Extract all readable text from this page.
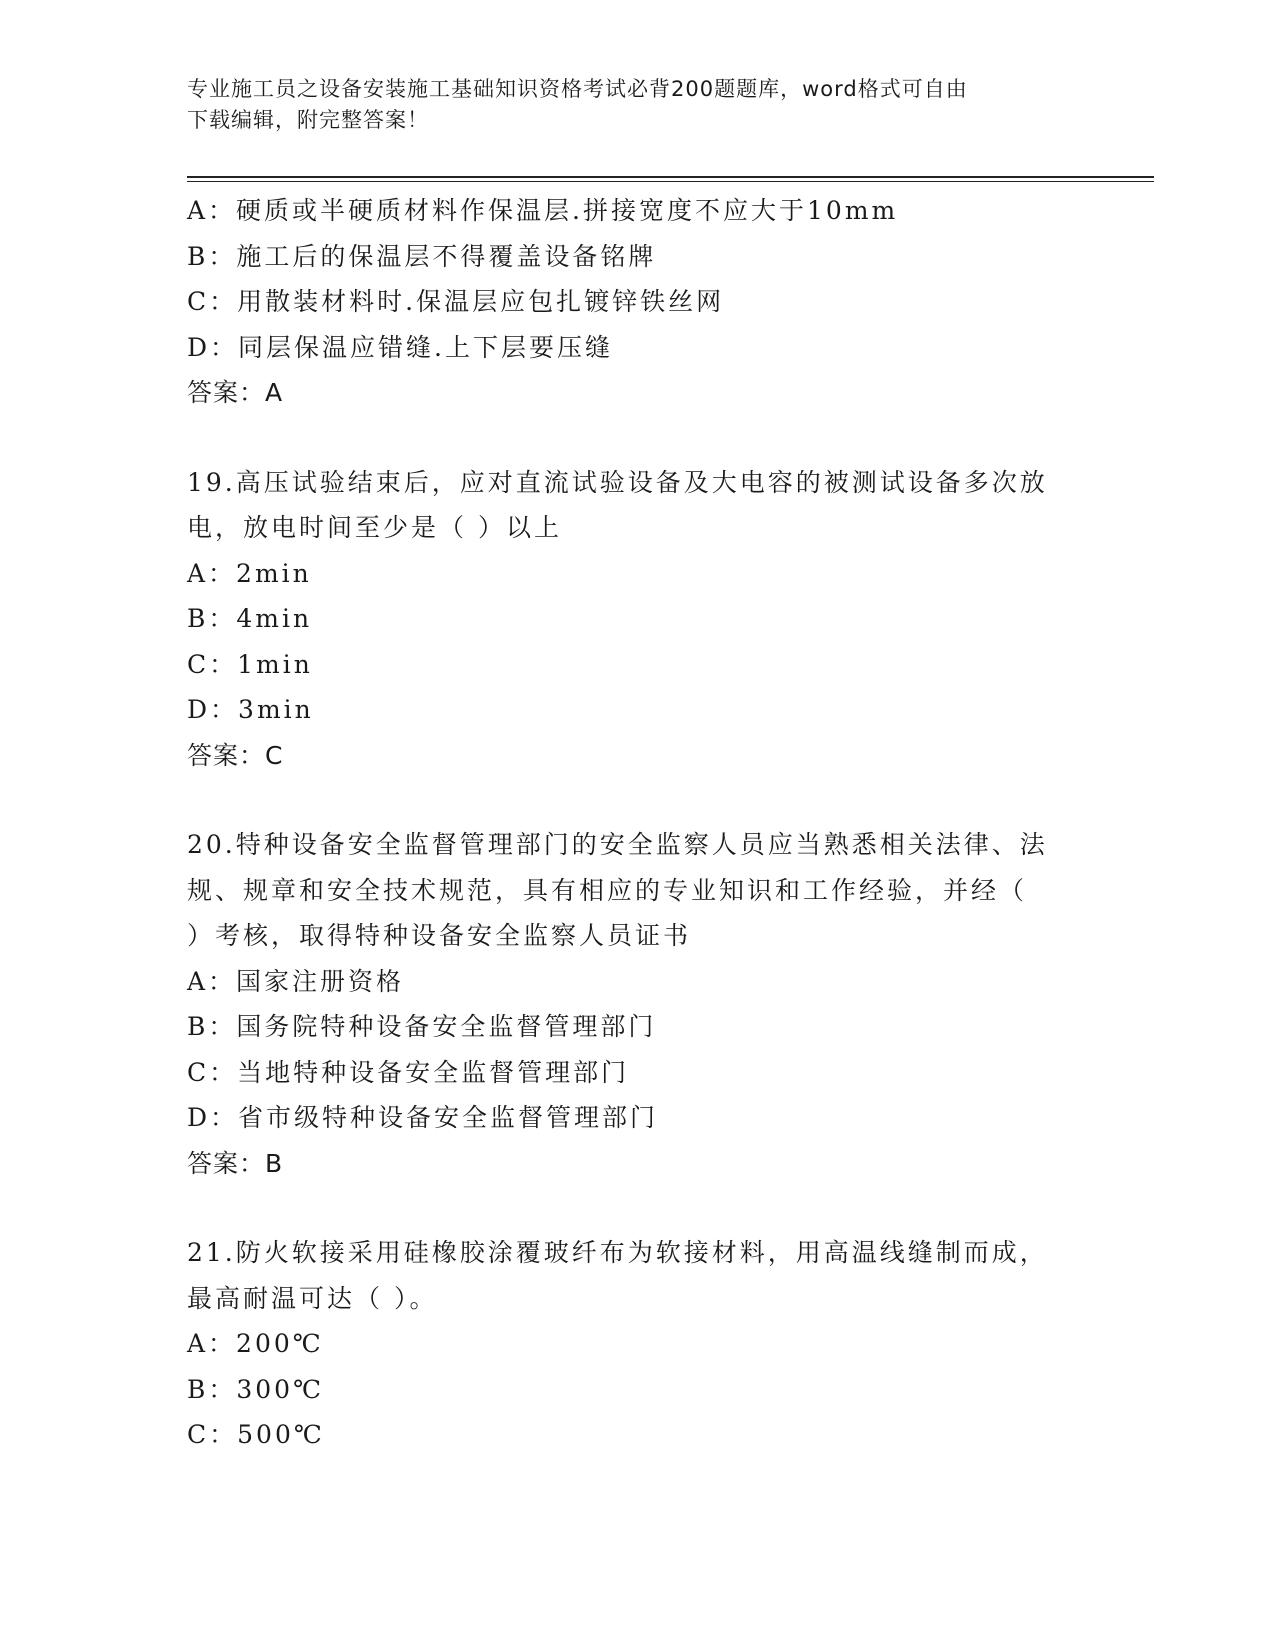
专业施工员之设备安装施工基础知识资格考试必背200题题库，word格式可自由
下载编辑，附完整答案！
A：硬质或半硬质材料作保温层.拼接宽度不应大于10mm
B：施工后的保温层不得覆盖设备铭牌
C：用散装材料时.保温层应包扎镀锌铁丝网
D：同层保温应错缝.上下层要压缝
答案：A
19.高压试验结束后，应对直流试验设备及大电容的被测试设备多次放
电，放电时间至少是（ ）以上
A：2min
B：4min
C：1min
D：3min
答案：C
20.特种设备安全监督管理部门的安全监察人员应当熟悉相关法律、法
规、规章和安全技术规范，具有相应的专业知识和工作经验，并经（
）考核，取得特种设备安全监察人员证书
A：国家注册资格
B：国务院特种设备安全监督管理部门
C：当地特种设备安全监督管理部门
D：省市级特种设备安全监督管理部门
答案：B
21.防火软接采用硅橡胶涂覆玻纤布为软接材料，用高温线缝制而成，
最高耐温可达（ ）。
A：200℃
B：300℃
C：500℃
